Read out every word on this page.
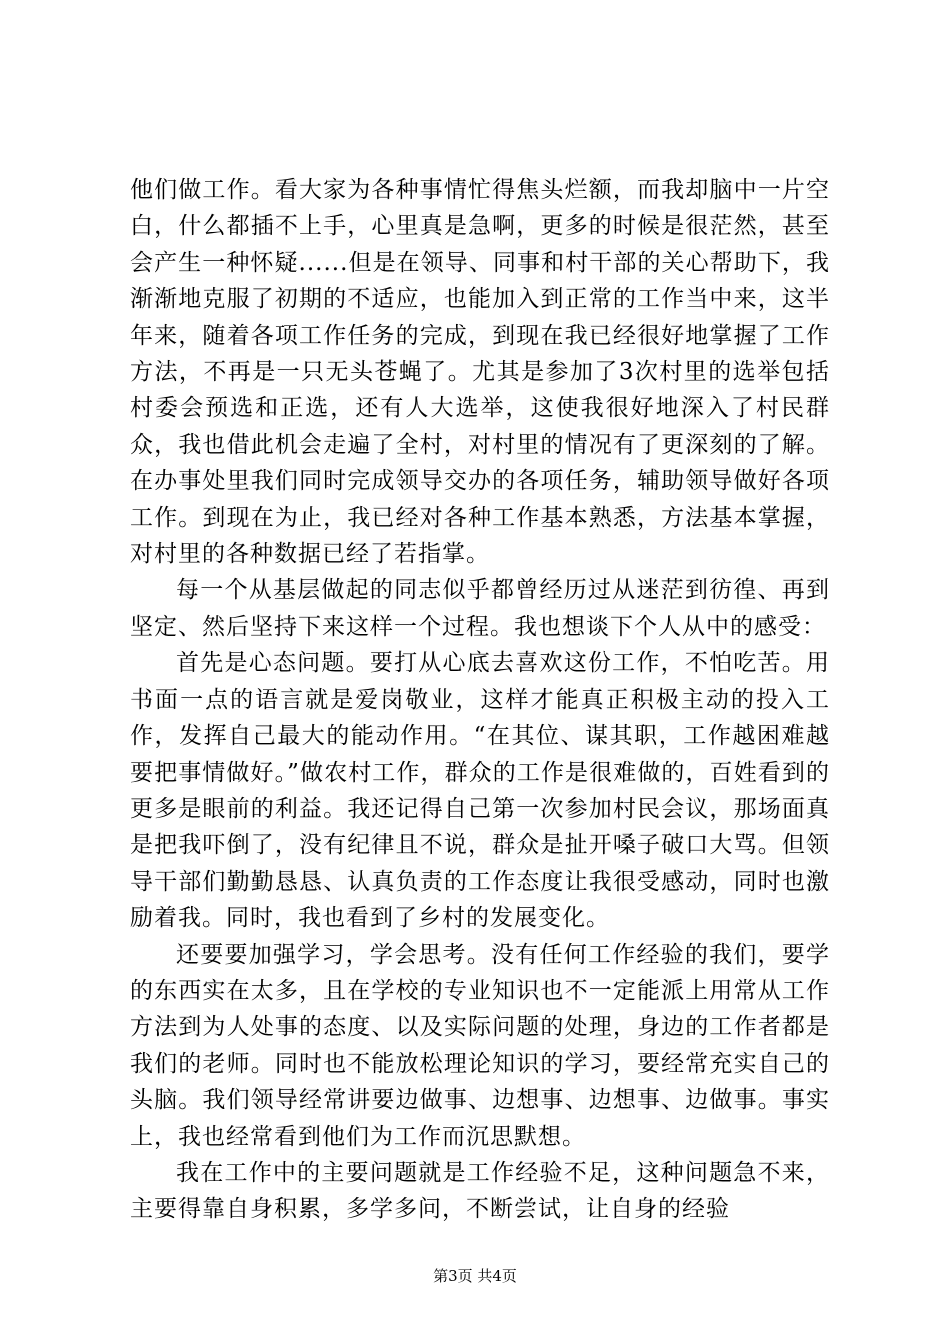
他们做工作。看大家为各种事情忙得焦头烂额，而我却脑中一片空白，什么都插不上手，心里真是急啊，更多的时候是很茫然，甚至会产生一种怀疑......但是在领导、同事和村干部的关心帮助下，我渐渐地克服了初期的不适应，也能加入到正常的工作当中来，这半年来，随着各项工作任务的完成，到现在我已经很好地掌握了工作方法，不再是一只无头苍蝇了。尤其是参加了3次村里的选举包括村委会预选和正选，还有人大选举，这使我很好地深入了村民群众，我也借此机会走遍了全村，对村里的情况有了更深刻的了解。在办事处里我们同时完成领导交办的各项任务，辅助领导做好各项工作。到现在为止，我已经对各种工作基本熟悉，方法基本掌握，对村里的各种数据已经了若指掌。

每一个从基层做起的同志似乎都曾经历过从迷茫到彷徨、再到坚定、然后坚持下来这样一个过程。我也想谈下个人从中的感受：

首先是心态问题。要打从心底去喜欢这份工作，不怕吃苦。用书面一点的语言就是爱岗敬业，这样才能真正积极主动的投入工作，发挥自己最大的能动作用。“在其位、谋其职，工作越困难越要把事情做好。”做农村工作，群众的工作是很难做的，百姓看到的更多是眼前的利益。我还记得自己第一次参加村民会议，那场面真是把我吓倒了，没有纪律且不说，群众是扯开嗓子破口大骂。但领导干部们勤勤恳恳、认真负责的工作态度让我很受感动，同时也激励着我。同时，我也看到了乡村的发展变化。

还要要加强学习，学会思考。没有任何工作经验的我们，要学的东西实在太多，且在学校的专业知识也不一定能派上用常从工作方法到为人处事的态度、以及实际问题的处理，身边的工作者都是我们的老师。同时也不能放松理论知识的学习，要经常充实自己的头脑。我们领导经常讲要边做事、边想事、边想事、边做事。事实上，我也经常看到他们为工作而沉思默想。

我在工作中的主要问题就是工作经验不足，这种问题急不来，主要得靠自身积累，多学多问，不断尝试，让自身的经验

第3页 共4页
